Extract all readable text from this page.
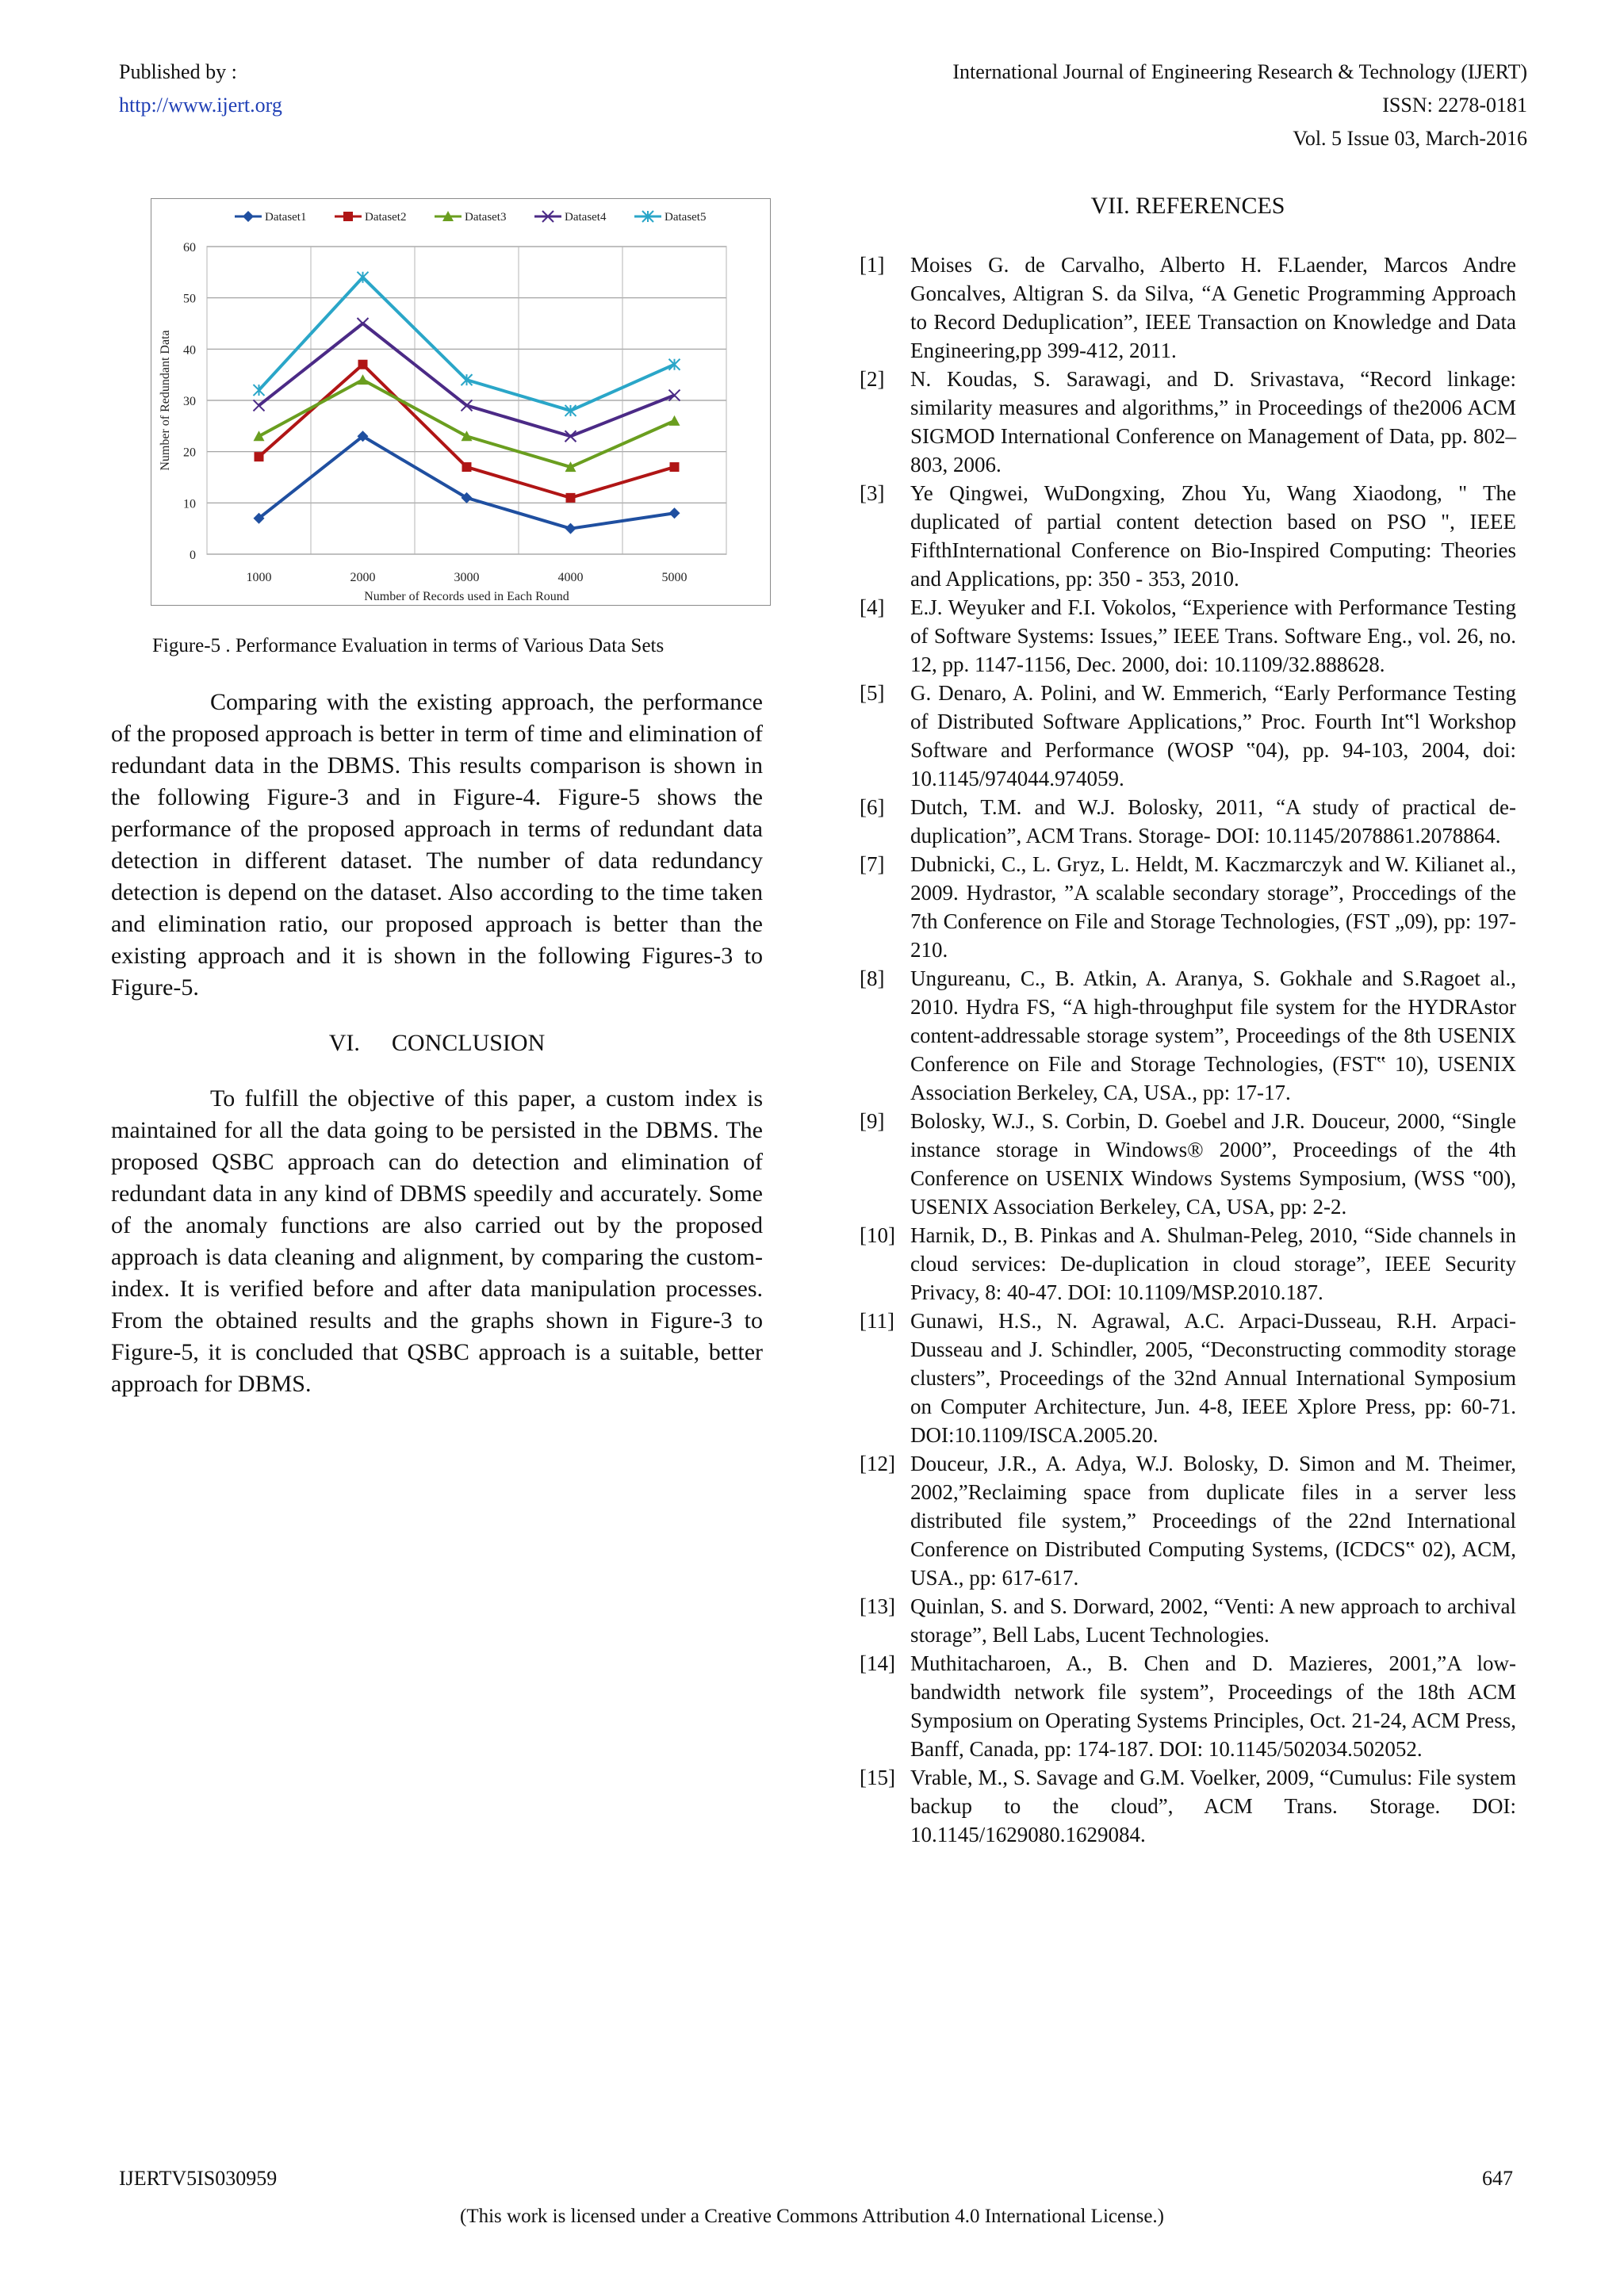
Published by :
http://www.ijert.org
International Journal of Engineering Research & Technology (IJERT)
ISSN: 2278-0181
Vol. 5 Issue 03, March-2016
0
10
20
30
40
50
60
1000	2000	3000	4000	5000
Number of Records used in Each Round
Number of Redundant Data
Dataset1	Dataset2	Dataset3	Dataset4	Dataset5
Figure-5 . Performance Evaluation in terms of Various Data Sets

Comparing with the existing approach, the performance of the proposed approach is better in term of time and elimination of redundant data in the DBMS. This results comparison is shown in the following Figure-3 and in Figure-4. Figure-5 shows the performance of the proposed approach in terms of redundant data detection in different dataset. The number of data redundancy detection is depend on the dataset. Also according to the time taken and elimination ratio, our proposed approach is better than the existing approach and it is shown in the following Figures-3 to Figure-5.

VI. CONCLUSION

To fulfill the objective of this paper, a custom index is maintained for all the data going to be persisted in the DBMS. The proposed QSBC approach can do detection and elimination of redundant data in any kind of DBMS speedily and accurately. Some of the anomaly functions are also carried out by the proposed approach is data cleaning and alignment, by comparing the custom-index. It is verified before and after data manipulation processes. From the obtained results and the graphs shown in Figure-3 to Figure-5, it is concluded that QSBC approach is a suitable, better approach for DBMS.

VII. REFERENCES
[1]	Moises G. de Carvalho, Alberto H. F.Laender, Marcos Andre Goncalves, Altigran S. da Silva, “A Genetic Programming Approach to Record Deduplication”, IEEE Transaction on Knowledge and Data Engineering,pp 399-412, 2011.
[2]	N. Koudas, S. Sarawagi, and D. Srivastava, “Record linkage: similarity measures and algorithms,” in Proceedings of the2006 ACM SIGMOD International Conference on Management of Data, pp. 802–803, 2006.
[3]	Ye Qingwei, WuDongxing, Zhou Yu, Wang Xiaodong, " The duplicated of partial content detection based on PSO ", IEEE FifthInternational Conference on Bio-Inspired Computing: Theories and Applications, pp: 350 - 353, 2010.
[4]	E.J. Weyuker and F.I. Vokolos, “Experience with Performance Testing of Software Systems: Issues,” IEEE Trans. Software Eng., vol. 26, no. 12, pp. 1147-1156, Dec. 2000, doi: 10.1109/32.888628.
[5]	G. Denaro, A. Polini, and W. Emmerich, “Early Performance Testing of Distributed Software Applications,” Proc. Fourth Int‟l Workshop Software and Performance (WOSP ‟04), pp. 94-103, 2004, doi: 10.1145/974044.974059.
[6]	Dutch, T.M. and W.J. Bolosky, 2011, “A study of practical de-duplication”, ACM Trans. Storage- DOI: 10.1145/2078861.2078864.
[7]	Dubnicki, C., L. Gryz, L. Heldt, M. Kaczmarczyk and W. Kilianet al., 2009. Hydrastor, ”A scalable secondary storage”, Proccedings of the 7th Conference on File and Storage Technologies, (FST „09), pp: 197-210.
[8]	Ungureanu, C., B. Atkin, A. Aranya, S. Gokhale and S.Ragoet al., 2010. Hydra FS, “A high-throughput file system for the HYDRAstor content-addressable storage system”, Proceedings of the 8th USENIX Conference on File and Storage Technologies, (FST‟ 10), USENIX Association Berkeley, CA, USA., pp: 17-17.
[9]	Bolosky, W.J., S. Corbin, D. Goebel and J.R. Douceur, 2000, “Single instance storage in Windows® 2000”, Proceedings of the 4th Conference on USENIX Windows Systems Symposium, (WSS ‟00), USENIX Association Berkeley, CA, USA, pp: 2-2.
[10] Harnik, D., B. Pinkas and A. Shulman-Peleg, 2010, “Side channels in cloud services: De-duplication in cloud storage”, IEEE Security Privacy, 8: 40-47. DOI: 10.1109/MSP.2010.187.
[11] Gunawi, H.S., N. Agrawal, A.C. Arpaci-Dusseau, R.H. Arpaci-Dusseau and J. Schindler, 2005, “Deconstructing commodity storage clusters”, Proceedings of the 32nd Annual International Symposium on Computer Architecture, Jun. 4-8, IEEE Xplore Press, pp: 60-71. DOI:10.1109/ISCA.2005.20.
[12] Douceur, J.R., A. Adya, W.J. Bolosky, D. Simon and M. Theimer, 2002,”Reclaiming space from duplicate files in a server less distributed file system,” Proceedings of the 22nd International Conference on Distributed Computing Systems, (ICDCS‟ 02), ACM, USA., pp: 617-617.
[13] Quinlan, S. and S. Dorward, 2002, “Venti: A new approach to archival storage”, Bell Labs, Lucent Technologies.
[14] Muthitacharoen, A., B. Chen and D. Mazieres, 2001,”A low-bandwidth network file system”, Proceedings of the 18th ACM Symposium on Operating Systems Principles, Oct. 21-24, ACM Press, Banff, Canada, pp: 174-187. DOI: 10.1145/502034.502052.
[15] Vrable, M., S. Savage and G.M. Voelker, 2009, “Cumulus: File system backup to the cloud”, ACM Trans. Storage. DOI: 10.1145/1629080.1629084.
IJERTV5IS030959	647
(This work is licensed under a Creative Commons Attribution 4.0 International License.)
